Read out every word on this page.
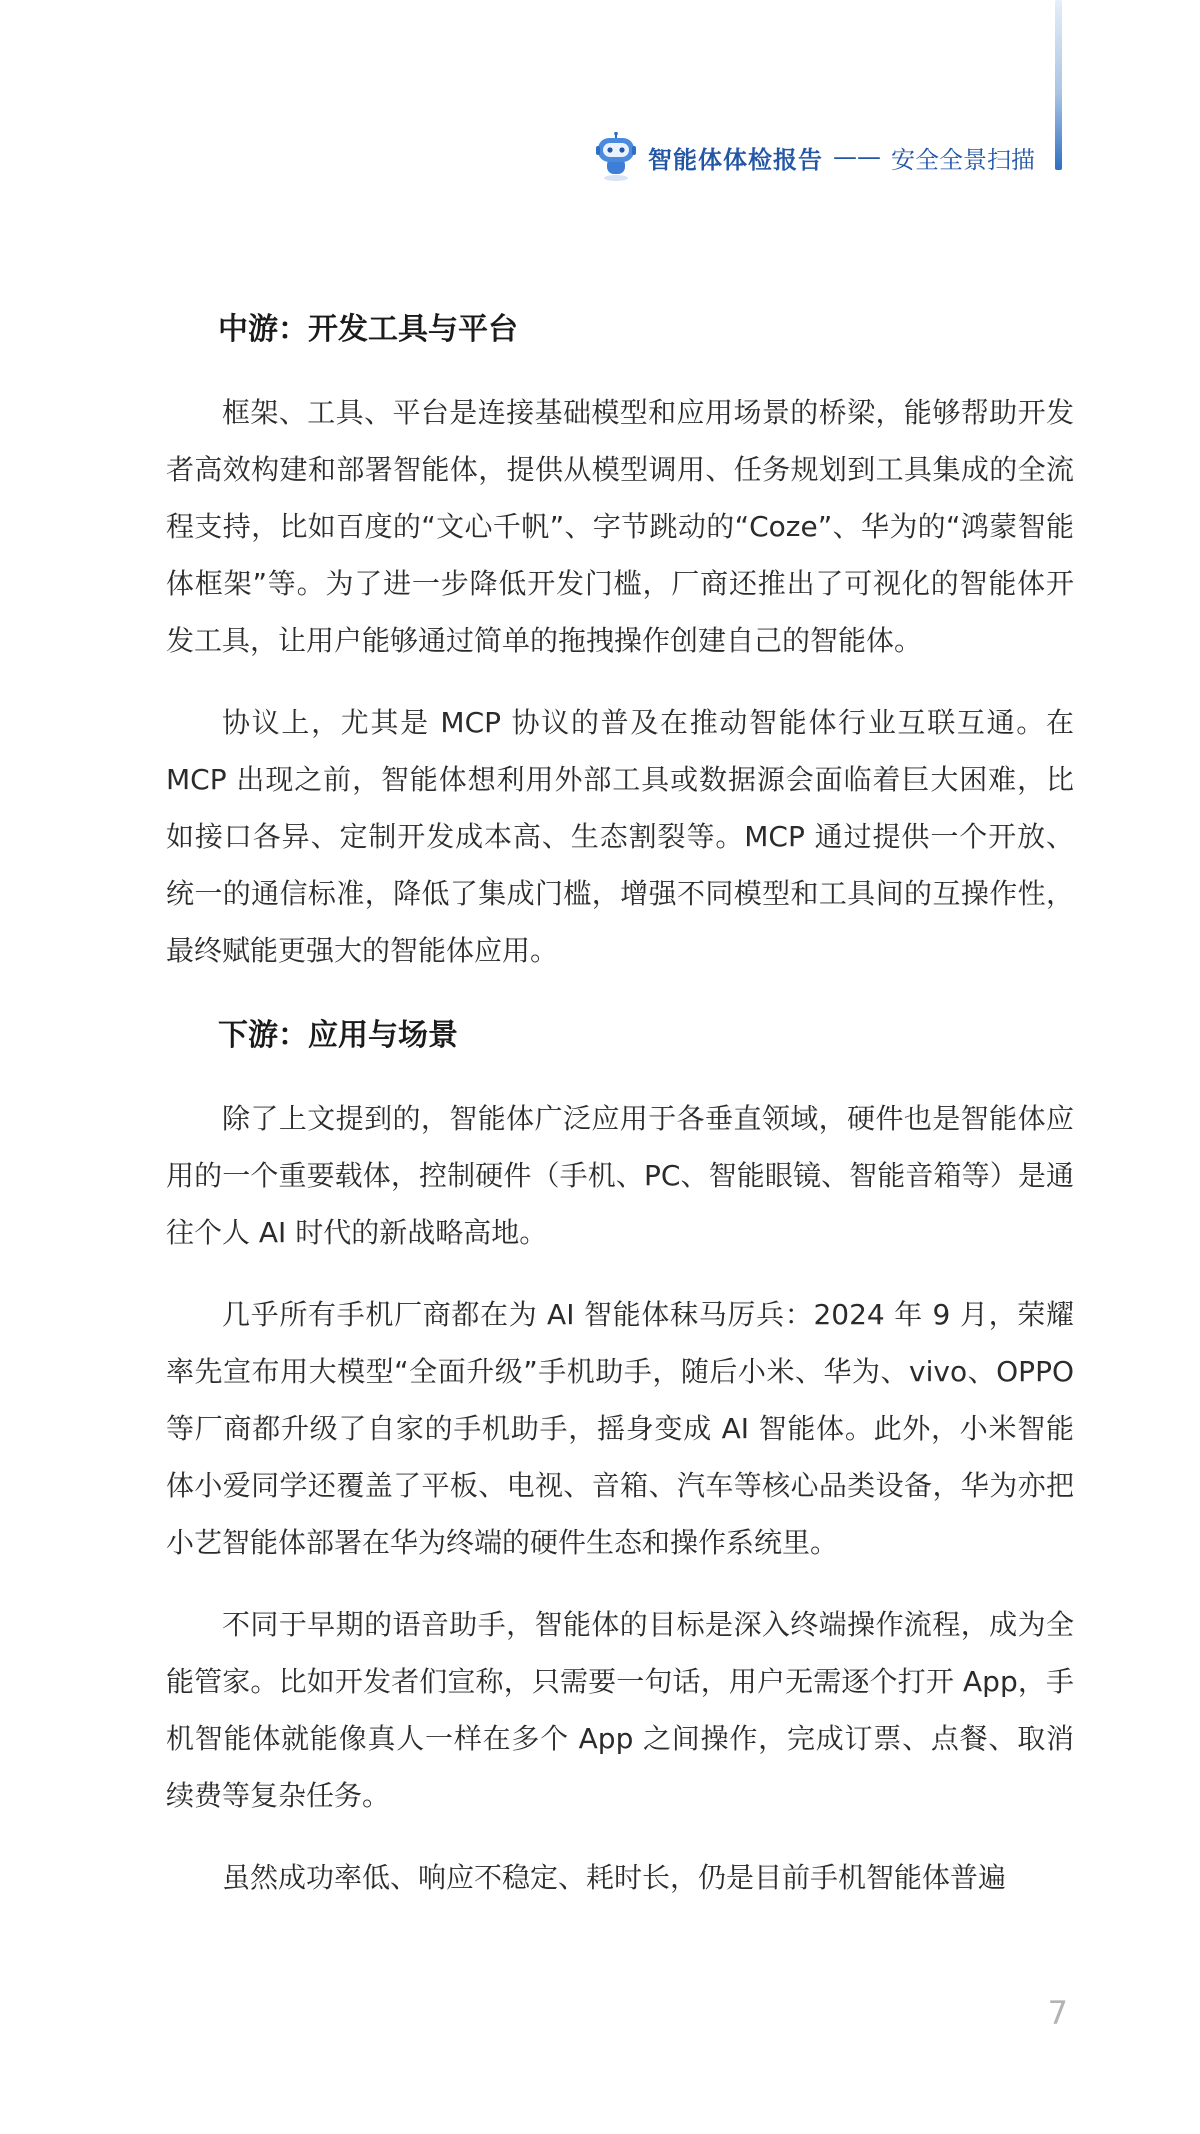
智能体体检报告 —— 安全全景扫描
中游：开发工具与平台

框架、工具、平台是连接基础模型和应用场景的桥梁，能够帮助开发者高效构建和部署智能体，提供从模型调用、任务规划到工具集成的全流程支持，比如百度的“文心千帆”、字节跳动的“Coze”、华为的“鸿蒙智能体框架”等。为了进一步降低开发门槛，厂商还推出了可视化的智能体开发工具，让用户能够通过简单的拖拽操作创建自己的智能体。

协议上，尤其是 MCP 协议的普及在推动智能体行业互联互通。在 MCP 出现之前，智能体想利用外部工具或数据源会面临着巨大困难，比如接口各异、定制开发成本高、生态割裂等。MCP 通过提供一个开放、统一的通信标准，降低了集成门槛，增强不同模型和工具间的互操作性，最终赋能更强大的智能体应用。

下游：应用与场景

除了上文提到的，智能体广泛应用于各垂直领域，硬件也是智能体应用的一个重要载体，控制硬件（手机、PC、智能眼镜、智能音箱等）是通往个人 AI 时代的新战略高地。

几乎所有手机厂商都在为 AI 智能体秣马厉兵：2024 年 9 月，荣耀率先宣布用大模型“全面升级”手机助手，随后小米、华为、vivo、OPPO 等厂商都升级了自家的手机助手，摇身变成 AI 智能体。此外，小米智能体小爱同学还覆盖了平板、电视、音箱、汽车等核心品类设备，华为亦把小艺智能体部署在华为终端的硬件生态和操作系统里。

不同于早期的语音助手，智能体的目标是深入终端操作流程，成为全能管家。比如开发者们宣称，只需要一句话，用户无需逐个打开 App，手机智能体就能像真人一样在多个 App 之间操作，完成订票、点餐、取消续费等复杂任务。

虽然成功率低、响应不稳定、耗时长，仍是目前手机智能体普遍

7
